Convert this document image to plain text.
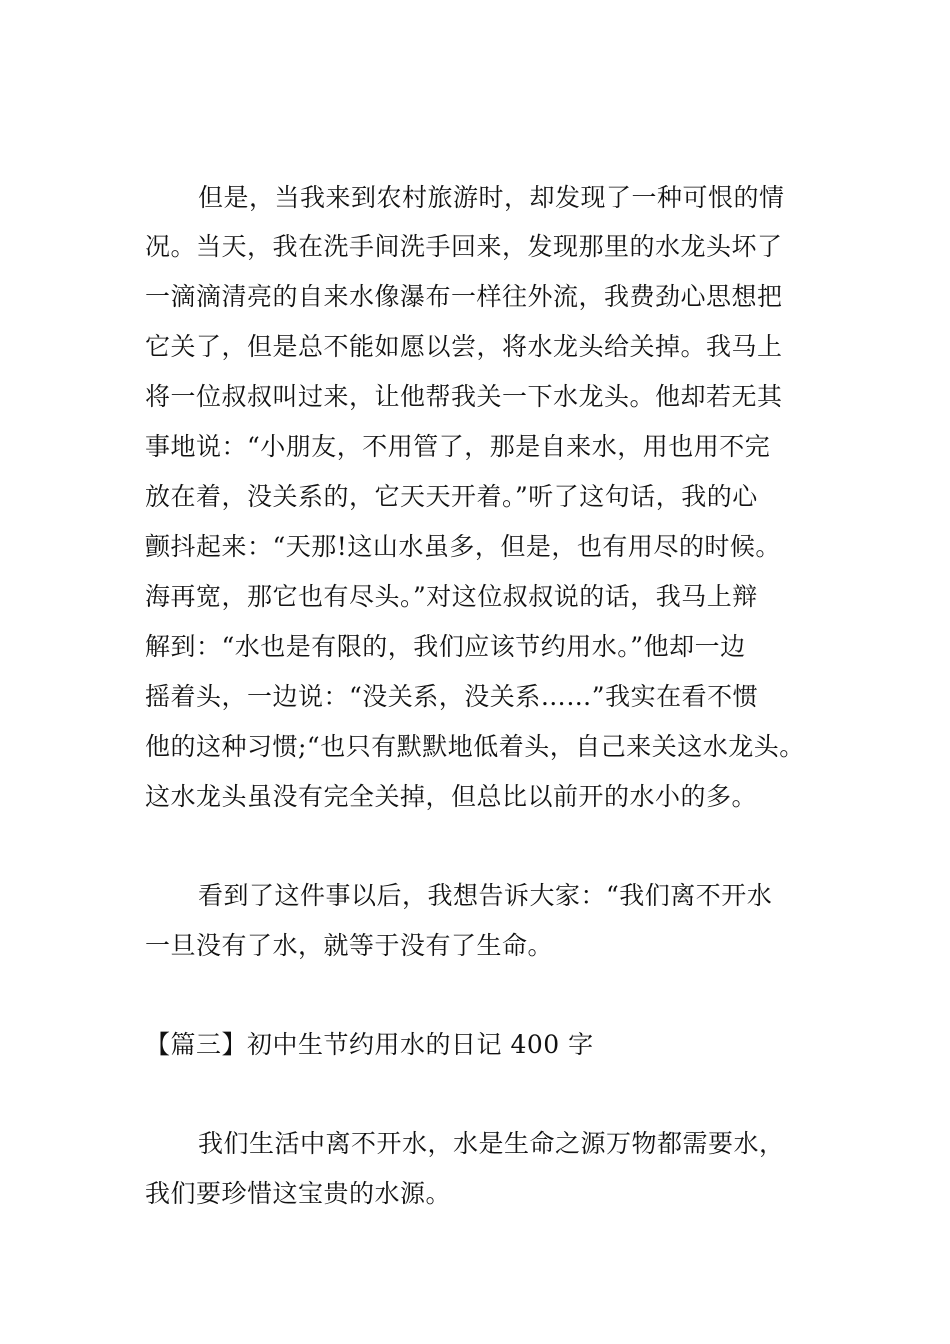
但是，当我来到农村旅游时，却发现了一种可恨的情
况。当天，我在洗手间洗手回来，发现那里的水龙头坏了
一滴滴清亮的自来水像瀑布一样往外流，我费劲心思想把
它关了，但是总不能如愿以尝，将水龙头给关掉。我马上
将一位叔叔叫过来，让他帮我关一下水龙头。他却若无其
事地说：“小朋友，不用管了，那是自来水，用也用不完
放在着，没关系的，它天天开着。”听了这句话，我的心
颤抖起来：“天那!这山水虽多，但是，也有用尽的时候。
海再宽，那它也有尽头。”对这位叔叔说的话，我马上辩
解到：“水也是有限的，我们应该节约用水。”他却一边
摇着头，一边说：“没关系，没关系……”我实在看不惯
他的这种习惯;“也只有默默地低着头，自己来关这水龙头。
这水龙头虽没有完全关掉，但总比以前开的水小的多。
看到了这件事以后，我想告诉大家：“我们离不开水
一旦没有了水，就等于没有了生命。
【篇三】初中生节约用水的日记 400 字
我们生活中离不开水，水是生命之源万物都需要水，
我们要珍惜这宝贵的水源。
